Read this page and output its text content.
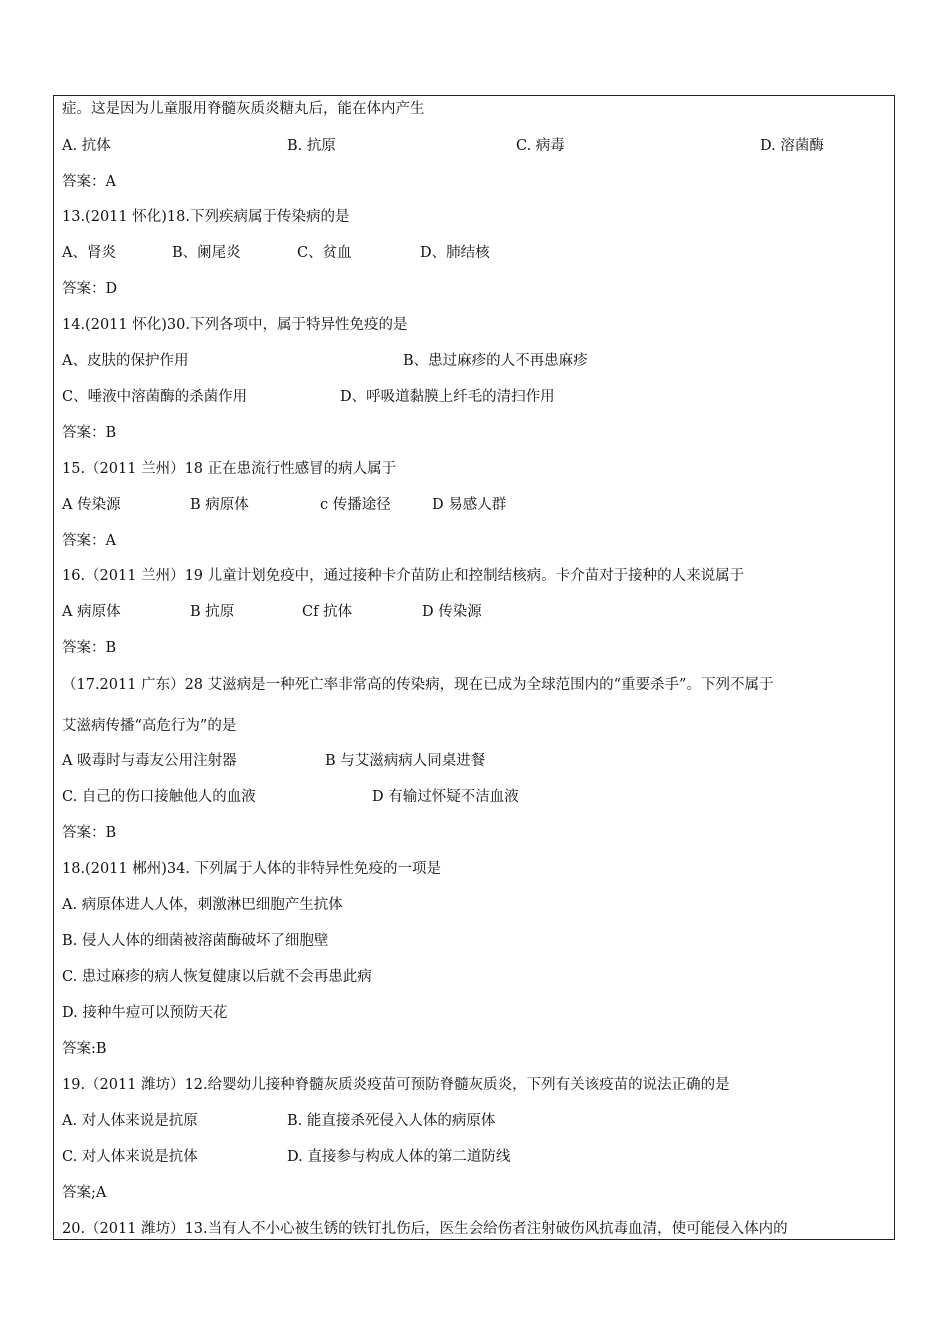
症。这是因为儿童服用脊髓灰质炎糖丸后，能在体内产生
A. 抗体	B. 抗原	C. 病毒	D. 溶菌酶
答案：A
13.(2011 怀化)18.下列疾病属于传染病的是
A、肾炎	B、阑尾炎	C、贫血	D、肺结核
答案：D
14.(2011 怀化)30.下列各项中，属于特异性免疫的是
A、皮肤的保护作用	B、患过麻疹的人不再患麻疹
C、唾液中溶菌酶的杀菌作用	D、呼吸道黏膜上纤毛的清扫作用
答案：B
15.（2011 兰州）18 正在患流行性感冒的病人属于
A 传染源	B 病原体	c 传播途径	D 易感人群
答案：A
16.（2011 兰州）19 儿童计划免疫中，通过接种卡介苗防止和控制结核病。卡介苗对于接种的人来说属于
A 病原体	B 抗原	Cf 抗体	D 传染源
答案：B
（17.2011 广东）28 艾滋病是一种死亡率非常高的传染病，现在已成为全球范围内的“重要杀手”。下列不属于
艾滋病传播“高危行为”的是
A 吸毒时与毒友公用注射器	B 与艾滋病病人同桌进餐
C. 自己的伤口接触他人的血液	D 有输过怀疑不洁血液
答案：B
18.(2011 郴州)34. 下列属于人体的非特异性免疫的一项是
A. 病原体进人人体，刺激淋巴细胞产生抗体
B. 侵人人体的细菌被溶菌酶破坏了细胞壁
C. 患过麻疹的病人恢复健康以后就不会再患此病
D. 接种牛痘可以预防天花
答案:B
19.（2011 潍坊）12.给婴幼儿接种脊髓灰质炎疫苗可预防脊髓灰质炎，下列有关该疫苗的说法正确的是
A. 对人体来说是抗原	B. 能直接杀死侵入人体的病原体
C. 对人体来说是抗体	D. 直接参与构成人体的第二道防线
答案;A
20.（2011 潍坊）13.当有人不小心被生锈的铁钉扎伤后，医生会给伤者注射破伤风抗毒血清，使可能侵入体内的
